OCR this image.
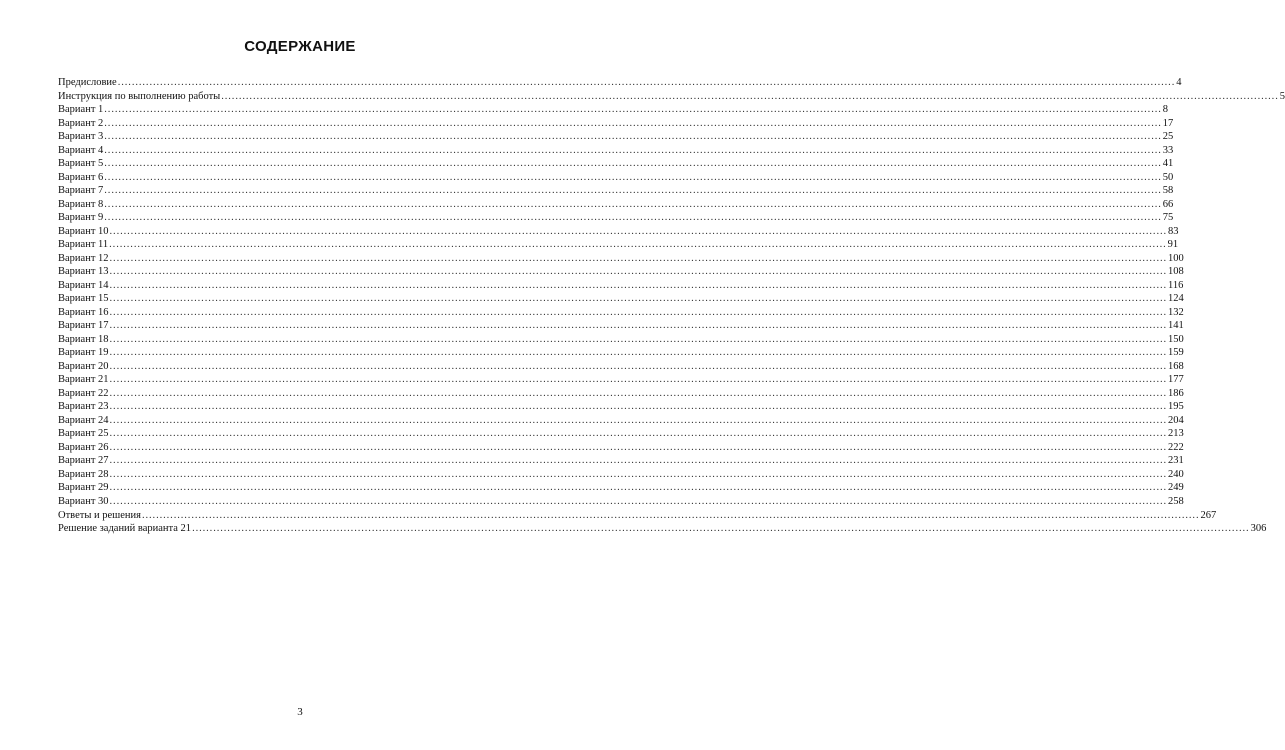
СОДЕРЖАНИЕ
Предисловие ............................................................................................................................................................................................................................................................................................................ 4
Инструкция по выполнению работы ............................................................................................................................................................................................................................................................................................................ 5
Вариант 1 ............................................................................................................................................................................................................................................................................................................ 8
Вариант 2 ............................................................................................................................................................................................................................................................................................................ 17
Вариант 3 ............................................................................................................................................................................................................................................................................................................ 25
Вариант 4 ............................................................................................................................................................................................................................................................................................................ 33
Вариант 5 ............................................................................................................................................................................................................................................................................................................ 41
Вариант 6 ............................................................................................................................................................................................................................................................................................................ 50
Вариант 7 ............................................................................................................................................................................................................................................................................................................ 58
Вариант 8 ............................................................................................................................................................................................................................................................................................................ 66
Вариант 9 ............................................................................................................................................................................................................................................................................................................ 75
Вариант 10 ............................................................................................................................................................................................................................................................................................................ 83
Вариант 11 ............................................................................................................................................................................................................................................................................................................ 91
Вариант 12 ............................................................................................................................................................................................................................................................................................................ 100
Вариант 13 ............................................................................................................................................................................................................................................................................................................ 108
Вариант 14 ............................................................................................................................................................................................................................................................................................................ 116
Вариант 15 ............................................................................................................................................................................................................................................................................................................ 124
Вариант 16 ............................................................................................................................................................................................................................................................................................................ 132
Вариант 17 ............................................................................................................................................................................................................................................................................................................ 141
Вариант 18 ............................................................................................................................................................................................................................................................................................................ 150
Вариант 19 ............................................................................................................................................................................................................................................................................................................ 159
Вариант 20 ............................................................................................................................................................................................................................................................................................................ 168
Вариант 21 ............................................................................................................................................................................................................................................................................................................ 177
Вариант 22 ............................................................................................................................................................................................................................................................................................................ 186
Вариант 23 ............................................................................................................................................................................................................................................................................................................ 195
Вариант 24 ............................................................................................................................................................................................................................................................................................................ 204
Вариант 25 ............................................................................................................................................................................................................................................................................................................ 213
Вариант 26 ............................................................................................................................................................................................................................................................................................................ 222
Вариант 27 ............................................................................................................................................................................................................................................................................................................ 231
Вариант 28 ............................................................................................................................................................................................................................................................................................................ 240
Вариант 29 ............................................................................................................................................................................................................................................................................................................ 249
Вариант 30 ............................................................................................................................................................................................................................................................................................................ 258
Ответы и решения ............................................................................................................................................................................................................................................................................................................ 267
Решение заданий варианта 21 ............................................................................................................................................................................................................................................................................................................ 306
3
